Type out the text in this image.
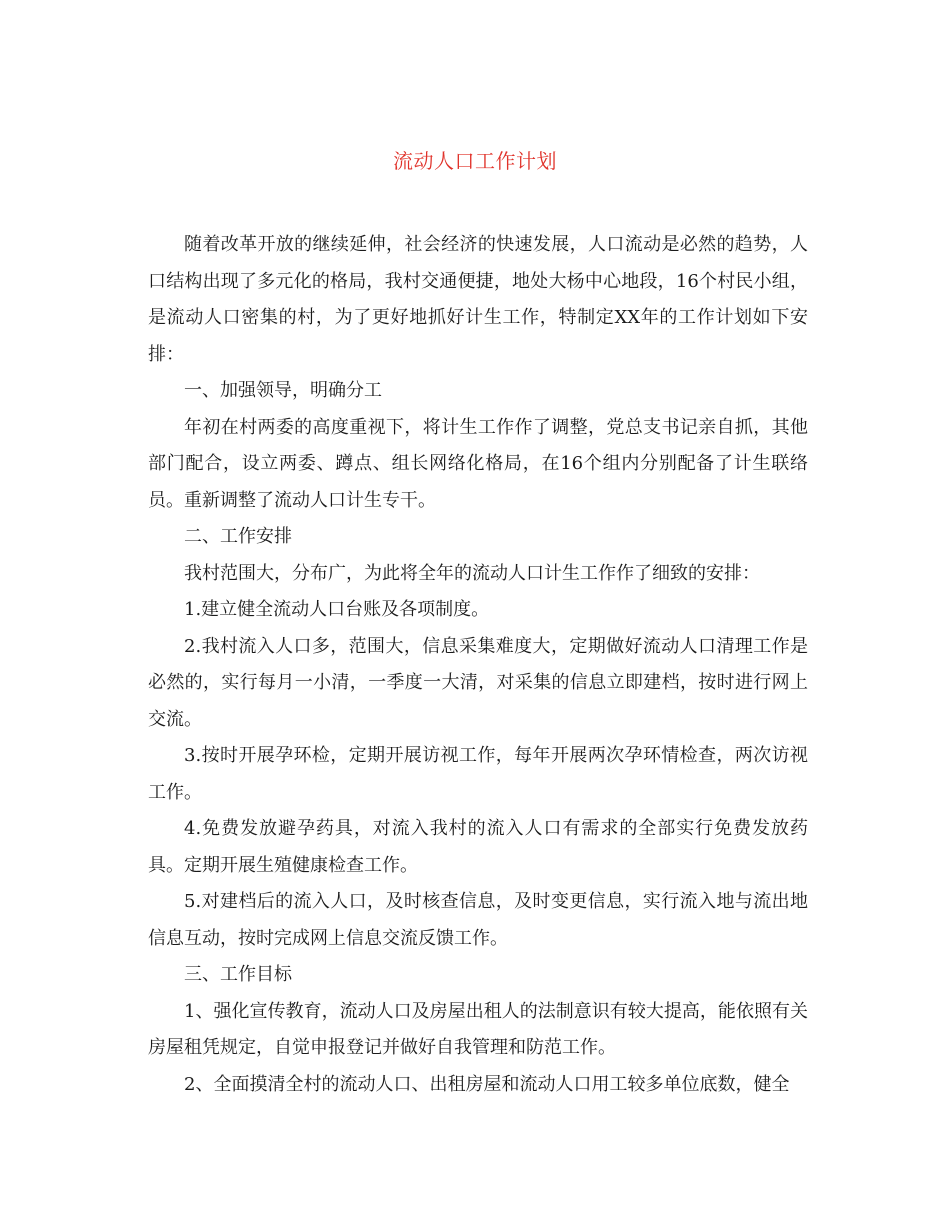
流动人口工作计划

随着改革开放的继续延伸，社会经济的快速发展，人口流动是必然的趋势，人口结构出现了多元化的格局，我村交通便捷，地处大杨中心地段，16个村民小组，是流动人口密集的村，为了更好地抓好计生工作，特制定XX年的工作计划如下安排：

一、加强领导，明确分工

年初在村两委的高度重视下，将计生工作作了调整，党总支书记亲自抓，其他部门配合，设立两委、蹲点、组长网络化格局，在16个组内分别配备了计生联络员。重新调整了流动人口计生专干。

二、工作安排

我村范围大，分布广，为此将全年的流动人口计生工作作了细致的安排：

1.建立健全流动人口台账及各项制度。

2.我村流入人口多，范围大，信息采集难度大，定期做好流动人口清理工作是必然的，实行每月一小清，一季度一大清，对采集的信息立即建档，按时进行网上交流。

3.按时开展孕环检，定期开展访视工作，每年开展两次孕环情检查，两次访视工作。

4.免费发放避孕药具，对流入我村的流入人口有需求的全部实行免费发放药具。定期开展生殖健康检查工作。

5.对建档后的流入人口，及时核查信息，及时变更信息，实行流入地与流出地信息互动，按时完成网上信息交流反馈工作。

三、工作目标

1、强化宣传教育，流动人口及房屋出租人的法制意识有较大提高，能依照有关房屋租凭规定，自觉申报登记并做好自我管理和防范工作。

2、全面摸清全村的流动人口、出租房屋和流动人口用工较多单位底数，健全
